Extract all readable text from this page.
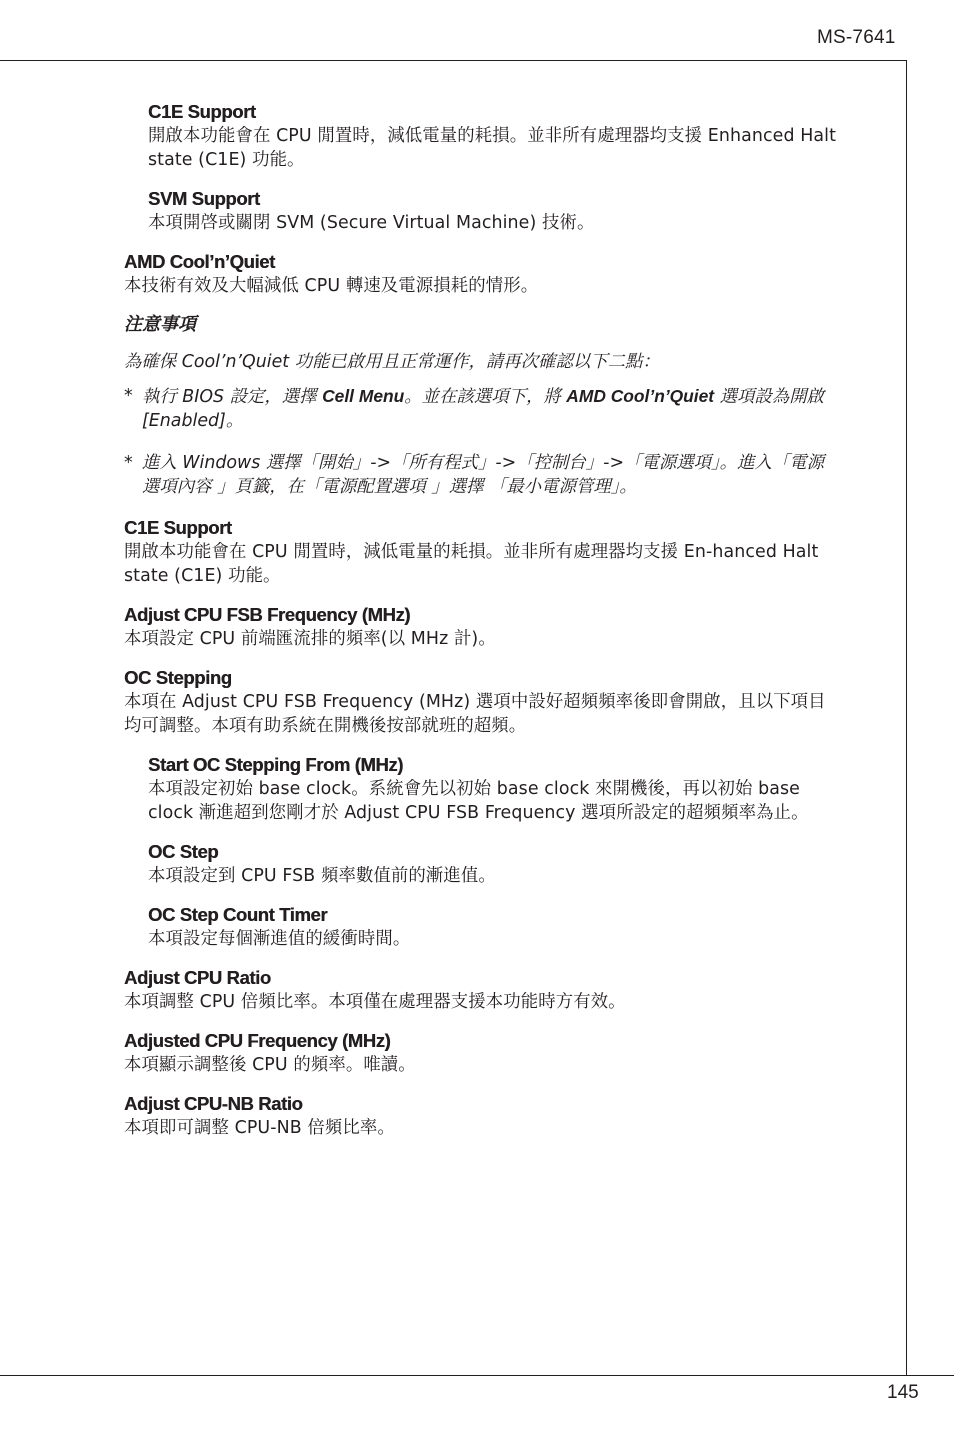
MS-7641
C1E Support
開啟本功能會在 CPU 閒置時，減低電量的耗損。並非所有處理器均支援 Enhanced Halt state (C1E) 功能。
SVM Support
本項開啓或關閉 SVM (Secure Virtual Machine) 技術。
AMD Cool’n’Quiet
本技術有效及大幅減低 CPU 轉速及電源損耗的情形。
注意事項
為確保 Cool’n’Quiet 功能已啟用且正常運作，請再次確認以下二點：
* 執行 BIOS 設定，選擇 Cell Menu。並在該選項下，將 AMD Cool’n’Quiet 選項設為開啟 [Enabled]。
* 進入 Windows 選擇「開始」->「所有程式」->「控制台」->「電源選項」。進入「電源選項內容 」頁籤，在「電源配置選項 」選擇 「最小電源管理」。
C1E Support
開啟本功能會在 CPU 閒置時，減低電量的耗損。並非所有處理器均支援 En-hanced Halt state (C1E) 功能。
Adjust CPU FSB Frequency (MHz)
本項設定 CPU 前端匯流排的頻率(以 MHz 計)。
OC Stepping
本項在 Adjust CPU FSB Frequency (MHz) 選項中設好超頻頻率後即會開啟，且以下項目均可調整。本項有助系統在開機後按部就班的超頻。
Start OC Stepping From (MHz)
本項設定初始 base clock。系統會先以初始 base clock 來開機後，再以初始 base clock 漸進超到您剛才於 Adjust CPU FSB Frequency 選項所設定的超頻頻率為止。
OC Step
本項設定到 CPU FSB 頻率數值前的漸進值。
OC Step Count Timer
本項設定每個漸進值的緩衝時間。
Adjust CPU Ratio
本項調整 CPU 倍頻比率。本項僅在處理器支援本功能時方有效。
Adjusted CPU Frequency (MHz)
本項顯示調整後 CPU 的頻率。唯讀。
Adjust CPU-NB Ratio
本項即可調整 CPU-NB 倍頻比率。
145
